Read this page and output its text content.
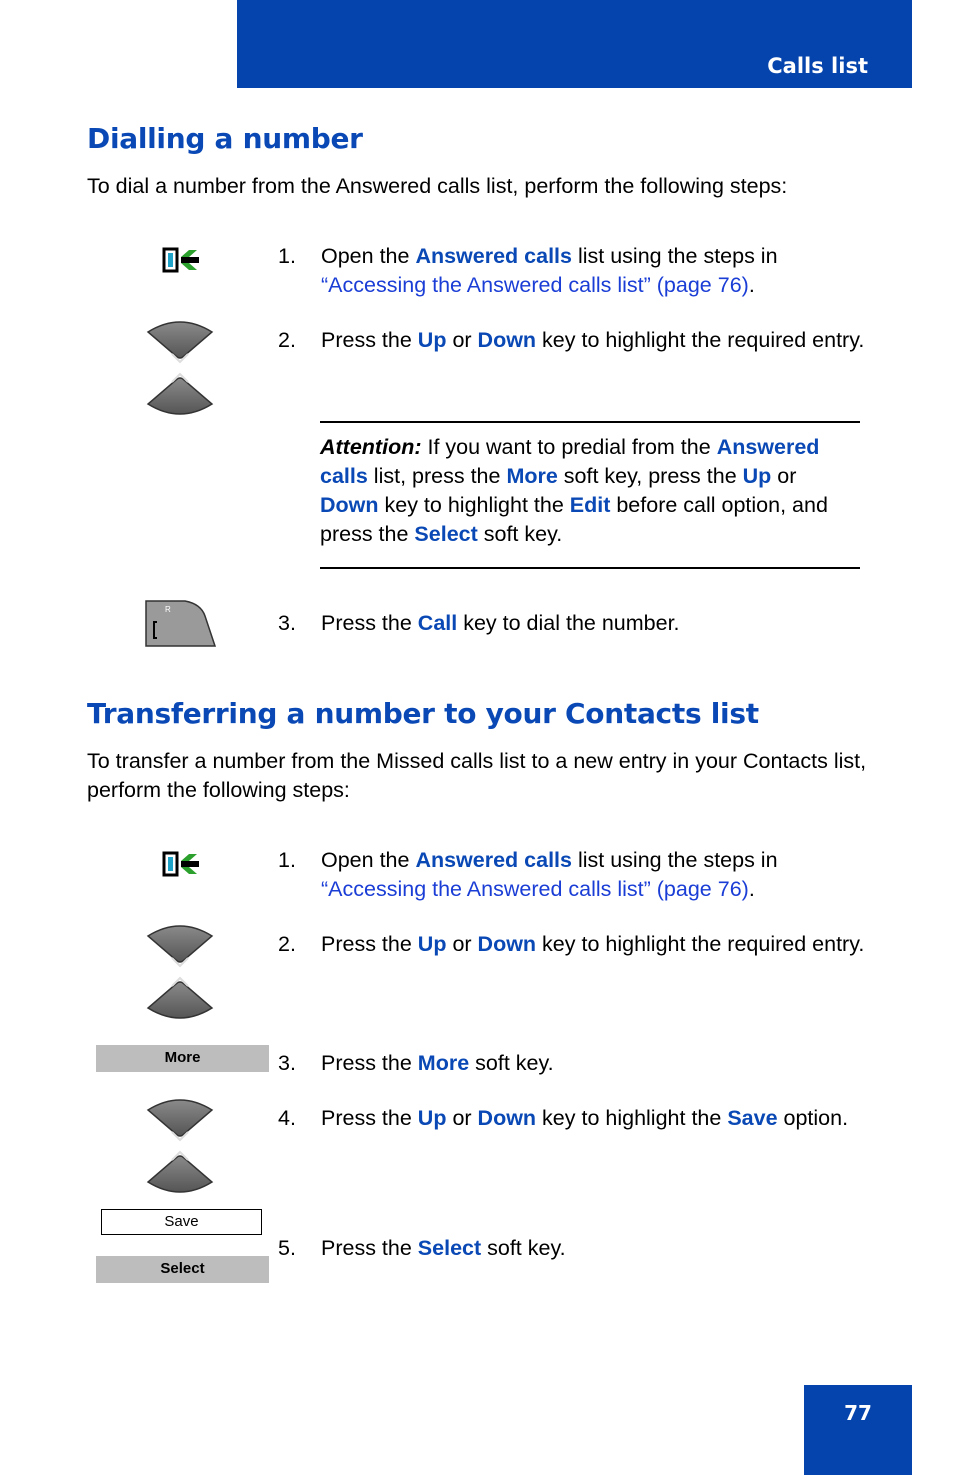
Calls list
Dialling a number

To dial a number from the Answered calls list, perform the following steps:

1. Open the Answered calls list using the steps in
“Accessing the Answered calls list” (page 76).
2. Press the Up or Down key to highlight the required entry.
Attention: If you want to predial from the Answered calls list, press the More soft key, press the Up or Down key to highlight the Edit before call option, and press the Select soft key.
R
3. Press the Call key to dial the number.
Transferring a number to your Contacts list

To transfer a number from the Missed calls list to a new entry in your Contacts list, perform the following steps:

1. Open the Answered calls list using the steps in
“Accessing the Answered calls list” (page 76).
2. Press the Up or Down key to highlight the required entry.
More	3. Press the More soft key.
4. Press the Up or Down key to highlight the Save option.
Save
Select
5. Press the Select soft key.
77
